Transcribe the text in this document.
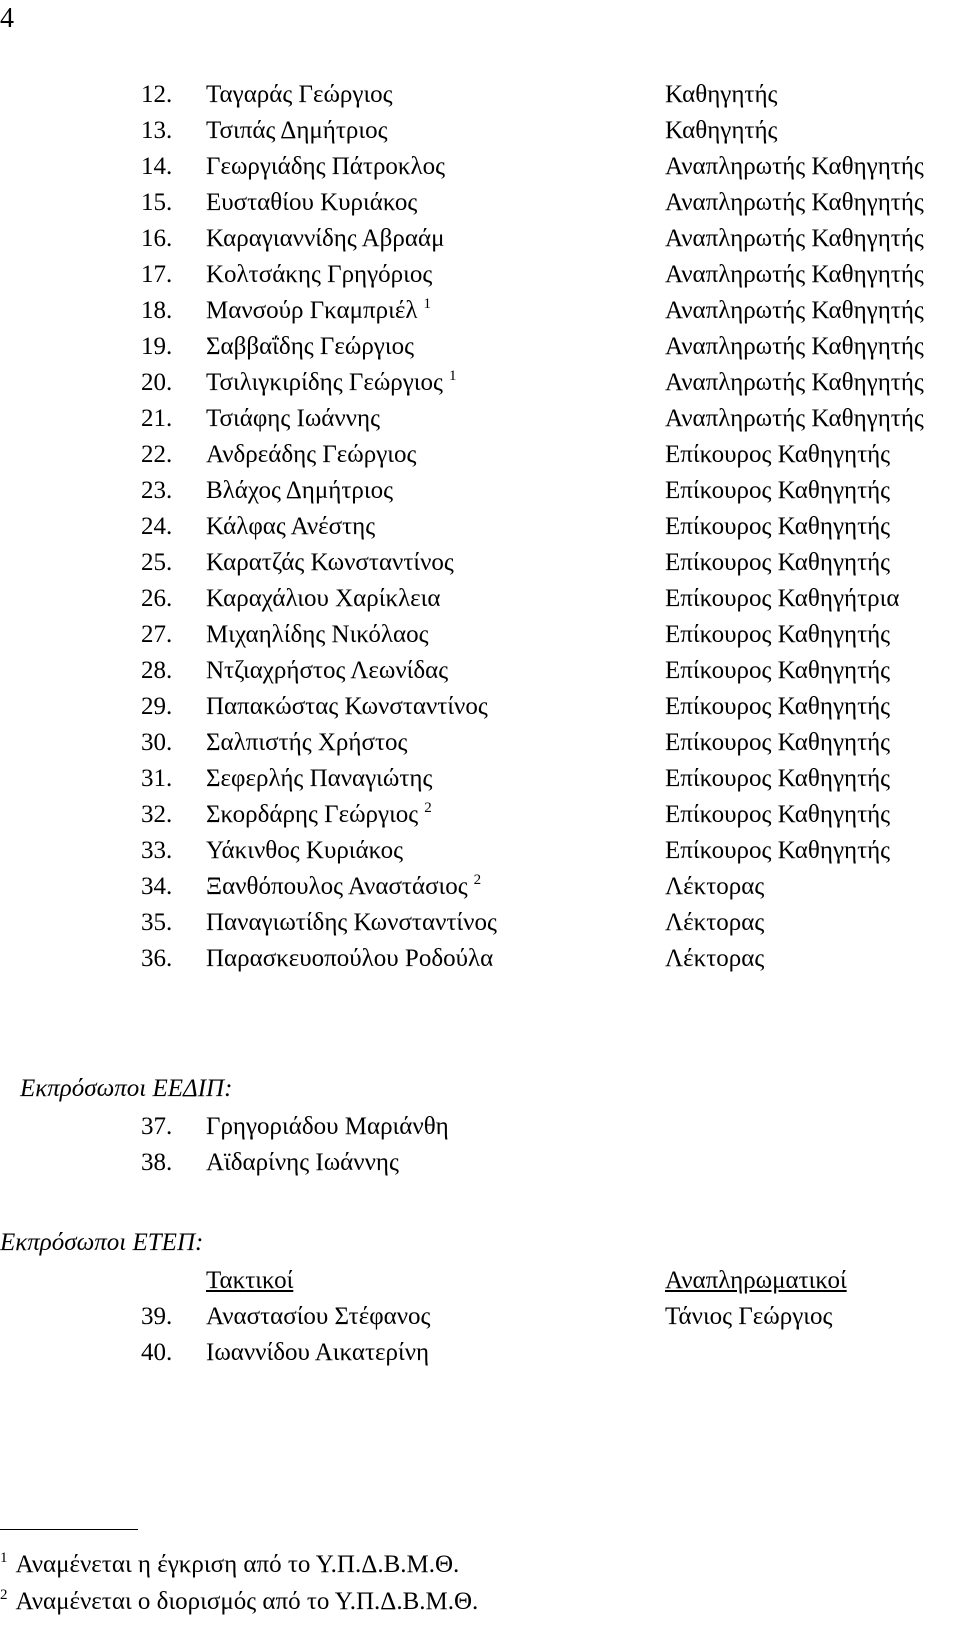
4
12. Ταγαράς Γεώργιος	Καθηγητής
13. Τσιπάς Δημήτριος	Καθηγητής
14. Γεωργιάδης Πάτροκλος	Αναπληρωτής Καθηγητής
15. Ευσταθίου Κυριάκος	Αναπληρωτής Καθηγητής
16. Καραγιαννίδης Αβραάμ	Αναπληρωτής Καθηγητής
17. Κολτσάκης Γρηγόριος	Αναπληρωτής Καθηγητής
18. Μανσούρ Γκαμπριέλ $^1$	Αναπληρωτής Καθηγητής
19. Σαββαΐδης Γεώργιος	Αναπληρωτής Καθηγητής
20. Τσιλιγκιρίδης Γεώργιος $^1$	Αναπληρωτής Καθηγητής
21. Τσιάφης Ιωάννης	Αναπληρωτής Καθηγητής
22. Ανδρεάδης Γεώργιος	Επίκουρος Καθηγητής
23. Βλάχος Δημήτριος	Επίκουρος Καθηγητής
24. Κάλφας Ανέστης	Επίκουρος Καθηγητής
25. Καρατζάς Κωνσταντίνος	Επίκουρος Καθηγητής
26. Καραχάλιου Χαρίκλεια	Επίκουρος Καθηγήτρια
27. Μιχαηλίδης Νικόλαος	Επίκουρος Καθηγητής
28. Ντζιαχρήστος Λεωνίδας	Επίκουρος Καθηγητής
29. Παπακώστας Κωνσταντίνος	Επίκουρος Καθηγητής
30. Σαλπιστής Χρήστος	Επίκουρος Καθηγητής
31. Σεφερλής Παναγιώτης	Επίκουρος Καθηγητής
32. Σκορδάρης Γεώργιος $^2$	Επίκουρος Καθηγητής
33. Υάκινθος Κυριάκος	Επίκουρος Καθηγητής
34. Ξανθόπουλος Αναστάσιος $^2$	Λέκτορας
35. Παναγιωτίδης Κωνσταντίνος	Λέκτορας
36. Παρασκευοπούλου Ροδούλα	Λέκτορας
Εκπρόσωποι ΕΕΔΙΠ:
37. Γρηγοριάδου Μαριάνθη
38. Αϊδαρίνης Ιωάννης
Εκπρόσωποι ΕΤΕΠ:
Τακτικοί	Αναπληρωματικοί
39. Αναστασίου Στέφανος	Τάνιος Γεώργιος
40. Ιωαννίδου Αικατερίνη
$^1$ Αναμένεται η έγκριση από το Υ.Π.Δ.Β.Μ.Θ.
$^2$ Αναμένεται ο διορισμός από το Υ.Π.Δ.Β.Μ.Θ.
